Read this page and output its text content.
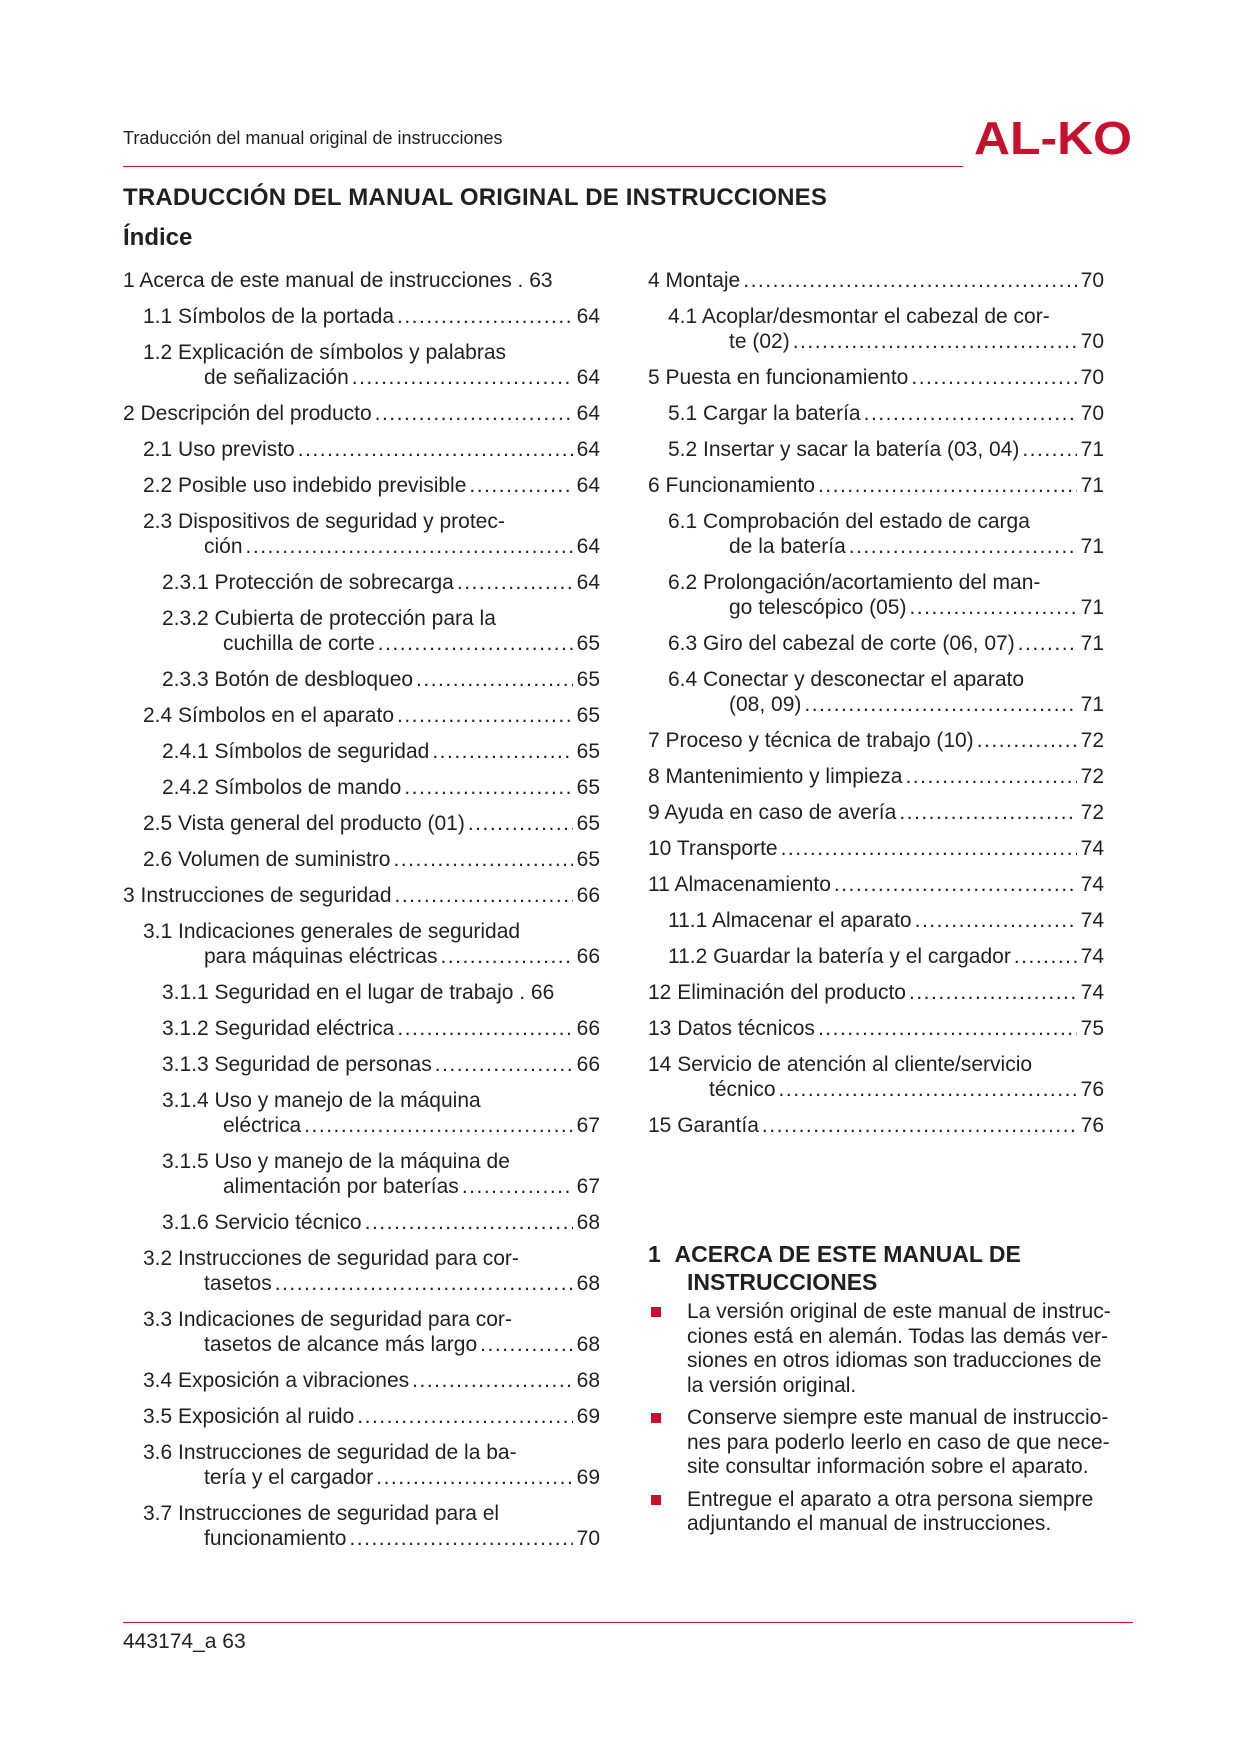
Traducción del manual original de instrucciones	AL-KO
TRADUCCIÓN DEL MANUAL ORIGINAL DE INSTRUCCIONES
Índice
1 Acerca de este manual de instrucciones . 63
1.1 Símbolos de la portada .....	64
1.2 Explicación de símbolos y palabras
de señalización .....	64
2 Descripción del producto .....	64
2.1 Uso previsto .....	64
2.2 Posible uso indebido previsible .....	64
2.3 Dispositivos de seguridad y protec-
ción .....	64
2.3.1 Protección de sobrecarga .....	64
2.3.2 Cubierta de protección para la
cuchilla de corte .....	65
2.3.3 Botón de desbloqueo .....	65
2.4 Símbolos en el aparato .....	65
2.4.1 Símbolos de seguridad .....	65
2.4.2 Símbolos de mando .....	65
2.5 Vista general del producto (01) .....	65
2.6 Volumen de suministro .....	65
3 Instrucciones de seguridad .....	66
3.1 Indicaciones generales de seguridad
para máquinas eléctricas .....	66
3.1.1 Seguridad en el lugar de trabajo . 66
3.1.2 Seguridad eléctrica .....	66
3.1.3 Seguridad de personas .....	66
3.1.4 Uso y manejo de la máquina
eléctrica .....	67
3.1.5 Uso y manejo de la máquina de
alimentación por baterías .....	67
3.1.6 Servicio técnico .....	68
3.2 Instrucciones de seguridad para cor-
tasetos .....	68
3.3 Indicaciones de seguridad para cor-
tasetos de alcance más largo .....	68
3.4 Exposición a vibraciones .....	68
3.5 Exposición al ruido .....	69
3.6 Instrucciones de seguridad de la ba-
tería y el cargador .....	69
3.7 Instrucciones de seguridad para el
funcionamiento .....	70
4 Montaje .....	70
4.1 Acoplar/desmontar el cabezal de cor-
te (02) .....	70
5 Puesta en funcionamiento .....	70
5.1 Cargar la batería .....	70
5.2 Insertar y sacar la batería (03, 04) .....	71
6 Funcionamiento .....	71
6.1 Comprobación del estado de carga
de la batería .....	71
6.2 Prolongación/acortamiento del man-
go telescópico (05) .....	71
6.3 Giro del cabezal de corte (06, 07) .....	71
6.4 Conectar y desconectar el aparato
(08, 09) .....	71
7 Proceso y técnica de trabajo (10) .....	72
8 Mantenimiento y limpieza .....	72
9 Ayuda en caso de avería .....	72
10 Transporte .....	74
11 Almacenamiento .....	74
11.1 Almacenar el aparato .....	74
11.2 Guardar la batería y el cargador .....	74
12 Eliminación del producto .....	74
13 Datos técnicos .....	75
14 Servicio de atención al cliente/servicio
técnico .....	76
15 Garantía .....	76
1 ACERCA DE ESTE MANUAL DE
INSTRUCCIONES
La versión original de este manual de instruc-
ciones está en alemán. Todas las demás ver-
siones en otros idiomas son traducciones de
la versión original.
Conserve siempre este manual de instruccio-
nes para poderlo leerlo en caso de que nece-
site consultar información sobre el aparato.
Entregue el aparato a otra persona siempre
adjuntando el manual de instrucciones.
443174_a 63
